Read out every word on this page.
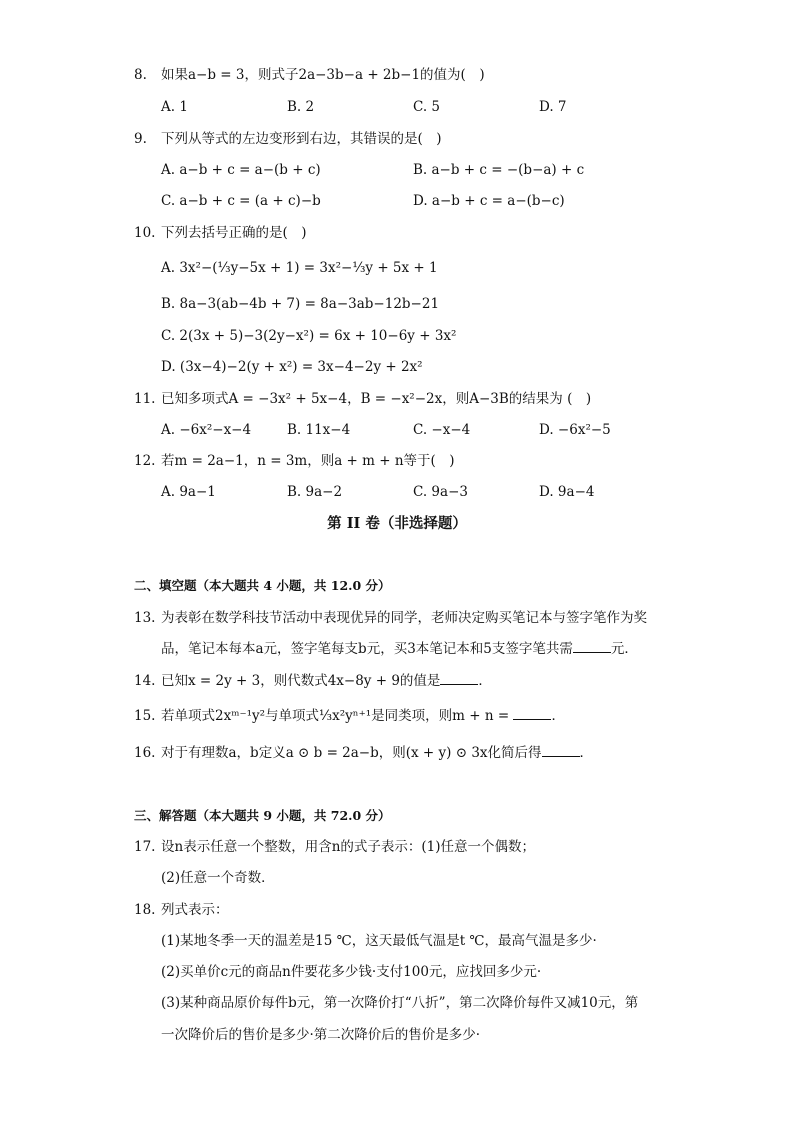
8. 如果a−b = 3，则式子2a−3b−a + 2b−1的值为(　)
A. 1	B. 2	C. 5	D. 7
9. 下列从等式的左边变形到右边，其错误的是(　)
A. a−b + c = a−(b + c)	B. a−b + c = −(b−a) + c
C. a−b + c = (a + c)−b	D. a−b + c = a−(b−c)
10. 下列去括号正确的是(　)
A. 3x²−(⅓y−5x + 1) = 3x²−⅓y + 5x + 1
B. 8a−3(ab−4b + 7) = 8a−3ab−12b−21
C. 2(3x + 5)−3(2y−x²) = 6x + 10−6y + 3x²
D. (3x−4)−2(y + x²) = 3x−4−2y + 2x²
11. 已知多项式A = −3x² + 5x−4，B = −x²−2x，则A−3B的结果为 (　)
A. −6x²−x−4	B. 11x−4	C. −x−4	D. −6x²−5
12. 若m = 2a−1，n = 3m，则a + m + n等于(　)
A. 9a−1	B. 9a−2	C. 9a−3	D. 9a−4
第 II 卷（非选择题）
二、填空题（本大题共 4 小题，共 12.0 分）
13. 为表彰在数学科技节活动中表现优异的同学，老师决定购买笔记本与签字笔作为奖
品，笔记本每本a元，签字笔每支b元，买3本笔记本和5支签字笔共需	元．
14. 已知x = 2y + 3，则代数式4x−8y + 9的值是	．
15. 若单项式2xᵐ⁻¹y²与单项式⅓x²yⁿ⁺¹是同类项，则m + n =	．
16. 对于有理数a，b定义a ⊙ b = 2a−b，则(x + y) ⊙ 3x化简后得	．
三、解答题（本大题共 9 小题，共 72.0 分）
17. 设n表示任意一个整数，用含n的式子表示：(1)任意一个偶数；
(2)任意一个奇数．
18. 列式表示：
(1)某地冬季一天的温差是15 ℃，这天最低气温是t ℃，最高气温是多少·
(2)买单价c元的商品n件要花多少钱·支付100元，应找回多少元·
(3)某种商品原价每件b元，第一次降价打“八折”，第二次降价每件又减10元，第
一次降价后的售价是多少·第二次降价后的售价是多少·
